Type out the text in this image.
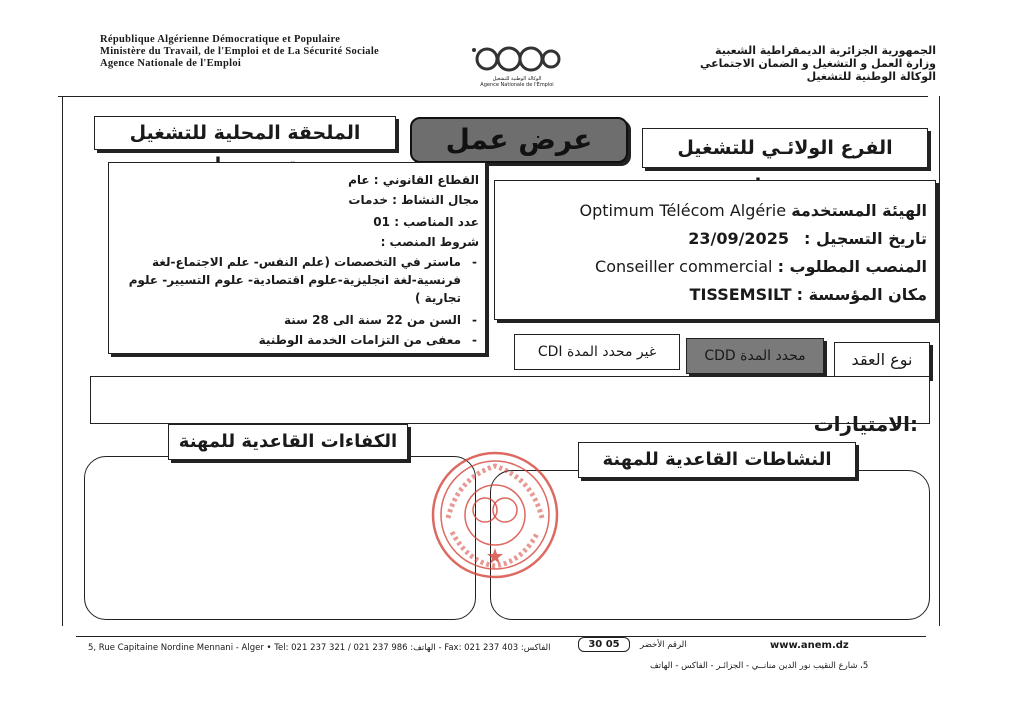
République Algérienne Démocratique et Populaire
Ministère du Travail, de l'Emploi et de La Sécurité Sociale
Agence Nationale de l'Emploi
الوكالة الوطنية للتشغيل
Agence Nationale de l'Emploi
الجمهورية الجزائرية الديمقراطية الشعبية
وزارة العمل و التشغيل و الضمان الاجتماعي
الوكالة الوطنية للتشغيل
الملحقة المحلية للتشغيل	عرض عمل	الفرع الولائـي للتشغيل
القطاع القانوني : عام
مجال النشاط : خدمات
عدد المناصب : 01
شروط المنصب :
ماستر في التخصصات (علم النفس- علم الاجتماع-لغة -
فرنسية-لغة انجليزية-علوم اقتصادية- علوم التسيير- علوم
تجارية )
السن من 22 سنة الى 28 سنة -
معفى من التزامات الخدمة الوطنية -
الهيئة المستخدمة Optimum Télécom Algérie
تاريخ التسجيل : 23/09/2025
المنصب المطلوب : Conseiller commercial
مكان المؤسسة : TISSEMSILT
نوع العقد
محدد المدة CDD
غير محدد المدة CDI
:الامتيازات
الكفاءات القاعدية للمهنة
النشاطات القاعدية للمهنة
5, Rue Capitaine Nordine Mennani - Alger • Tel: 021 237 321 / 021 237 986 :الهاتف - Fax: 021 237 403 :الفاكس	30 05	الرقم الأخضر	www.anem.dz
5، شارع النقيب نور الدين منانــي - الجزائـر - الفاكس - الهاتف
